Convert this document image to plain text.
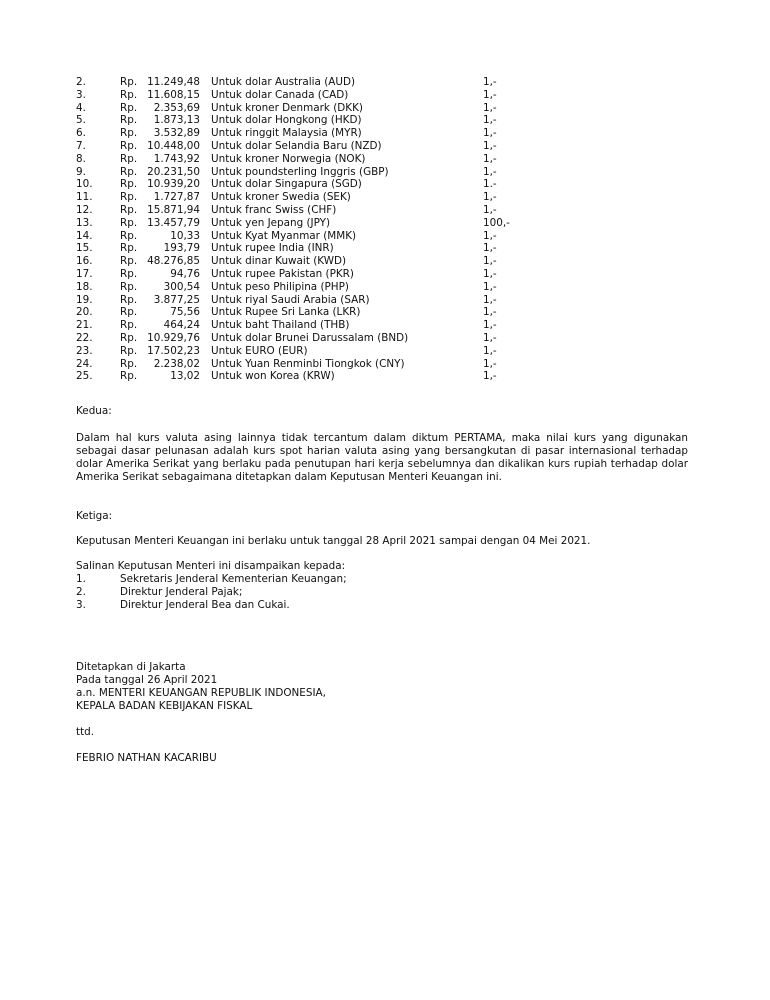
2.	Rp. 11.249,48 Untuk dolar Australia (AUD)	1,-
3.	Rp. 11.608,15 Untuk dolar Canada (CAD)	1,-
4.	Rp.	2.353,69 Untuk kroner Denmark (DKK)	1,-
5.	Rp.	1.873,13 Untuk dolar Hongkong (HKD)	1,-
6.	Rp.	3.532,89 Untuk ringgit Malaysia (MYR)	1,-
7.	Rp. 10.448,00 Untuk dolar Selandia Baru (NZD)	1,-
8.	Rp.	1.743,92 Untuk kroner Norwegia (NOK)	1,-
9.	Rp. 20.231,50 Untuk poundsterling Inggris (GBP)	1,-
10.	Rp. 10.939,20 Untuk dolar Singapura (SGD)	1.-
11.	Rp.	1.727,87 Untuk kroner Swedia (SEK)	1,-
12.	Rp. 15.871,94 Untuk franc Swiss (CHF)	1,-
13.	Rp. 13.457,79 Untuk yen Jepang (JPY)	100,-
14.	Rp.	10,33 Untuk Kyat Myanmar (MMK)	1,-
15.	Rp.	193,79 Untuk rupee India (INR)	1,-
16.	Rp. 48.276,85 Untuk dinar Kuwait (KWD)	1,-
17.	Rp.	94,76 Untuk rupee Pakistan (PKR)	1,-
18.	Rp.	300,54 Untuk peso Philipina (PHP)	1,-
19.	Rp.	3.877,25 Untuk riyal Saudi Arabia (SAR)	1,-
20.	Rp.	75,56 Untuk Rupee Sri Lanka (LKR)	1,-
21.	Rp.	464,24 Untuk baht Thailand (THB)	1,-
22.	Rp. 10.929,76 Untuk dolar Brunei Darussalam (BND)	1,-
23.	Rp. 17.502,23 Untuk EURO (EUR)	1,-
24.	Rp.	2.238,02 Untuk Yuan Renminbi Tiongkok (CNY)	1,-
25.	Rp.	13,02 Untuk won Korea (KRW)	1,-
Kedua:
Dalam hal kurs valuta asing lainnya tidak tercantum dalam diktum PERTAMA, maka nilai kurs yang digunakan sebagai dasar pelunasan adalah kurs spot harian valuta asing yang bersangkutan di pasar internasional terhadap dolar Amerika Serikat yang berlaku pada penutupan hari kerja sebelumnya dan dikalikan kurs rupiah terhadap dolar Amerika Serikat sebagaimana ditetapkan dalam Keputusan Menteri Keuangan ini.
Ketiga:
Keputusan Menteri Keuangan ini berlaku untuk tanggal 28 April 2021 sampai dengan 04 Mei 2021.
Salinan Keputusan Menteri ini disampaikan kepada:
1.	Sekretaris Jenderal Kementerian Keuangan;
2.	Direktur Jenderal Pajak;
3.	Direktur Jenderal Bea dan Cukai.
Ditetapkan di Jakarta
Pada tanggal 26 April 2021
a.n. MENTERI KEUANGAN REPUBLIK INDONESIA,
KEPALA BADAN KEBIJAKAN FISKAL
ttd.
FEBRIO NATHAN KACARIBU
